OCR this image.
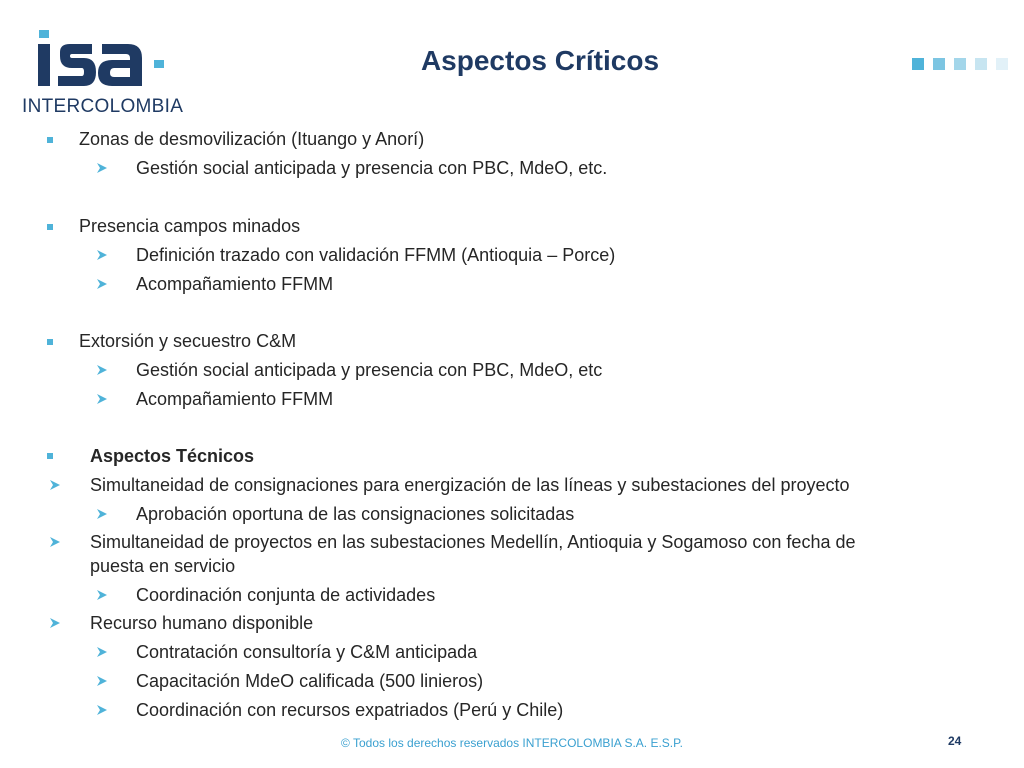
INTERCOLOMBIA
Aspectos Críticos
Zonas de desmovilización (Ituango y Anorí)
Gestión social anticipada y presencia con PBC, MdeO, etc.
Presencia campos minados
Definición trazado con validación FFMM (Antioquia – Porce)
Acompañamiento FFMM
Extorsión y secuestro C&M
Gestión social anticipada y presencia con PBC, MdeO, etc
Acompañamiento FFMM
Aspectos Técnicos
Simultaneidad de consignaciones para energización de las líneas y subestaciones del proyecto
Aprobación oportuna de las consignaciones solicitadas
Simultaneidad de proyectos en las subestaciones Medellín, Antioquia y Sogamoso con fecha de
puesta en servicio
Coordinación conjunta de actividades
Recurso humano disponible
Contratación consultoría y C&M anticipada
Capacitación MdeO calificada (500 linieros)
Coordinación con recursos expatriados (Perú y Chile)
© Todos los derechos reservados INTERCOLOMBIA S.A. E.S.P.	24
